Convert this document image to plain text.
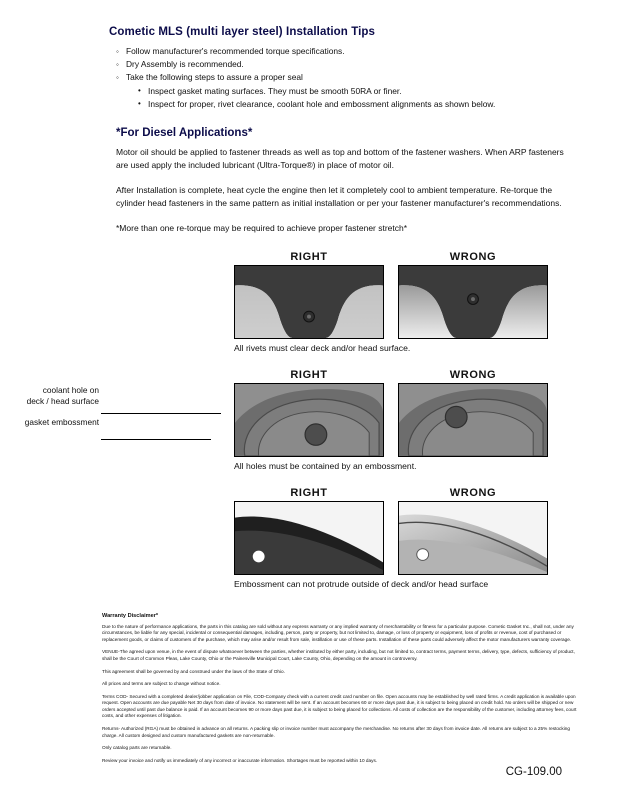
Cometic MLS (multi layer steel) Installation Tips
◦ Follow manufacturer's recommended torque specifications.
◦ Dry Assembly is recommended.
◦ Take the following steps to assure a proper seal
• Inspect gasket mating surfaces. They must be smooth 50RA or finer.
• Inspect for proper, rivet clearance, coolant hole and embossment alignments as shown below.
*For Diesel Applications*

Motor oil should be applied to fastener threads as well as top and bottom of the fastener washers. When ARP fasteners are used apply the included lubricant (Ultra-Torque®) in place of motor oil.

After Installation is complete, heat cycle the engine then let it completely cool to ambient temperature. Re-torque the cylinder head fasteners in the same pattern as initial installation or per your fastener manufacturer's recommendations.

*More than one re-torque may be required to achieve proper fastener stretch*

RIGHT	WRONG
All rivets must clear deck and/or head surface.
coolant hole on
deck / head surface
gasket embossment
RIGHT	WRONG
All holes must be contained by an embossment.
RIGHT	WRONG
Embossment can not protrude outside of deck and/or head surface
Warranty Disclaimer*

Due to the nature of performance applications, the parts in this catalog are sold without any express warranty or any implied warranty of merchantability or fitness for a particular purpose. Cometic Gasket Inc., shall not, under any circumstances, be liable for any special, incidental or consequential damages, including, person, party or property, but not limited to, damage, or loss of property or equipment, loss of profits or revenue, cost of purchased or replacement goods, or claims of customers of the purchase, which may arise and/or result from sale, instillation or use of these parts. Installation of these parts could adversely affect the motor manufacturers warranty coverage.

VENUE-The agreed upon venue, in the event of dispute whatsoever between the parties, whether instituted by either party, including, but not limited to, contract terms, payment terms, delivery, type, defects, sufficiency of product, shall be the Court of Common Pleas, Lake County, Ohio or the Painesville Municipal Court, Lake County, Ohio, depending on the amount in controversy.

This agreement shall be governed by and construed under the laws of the State of Ohio.

All prices and terms are subject to change without notice.

Terms COD- Secured with a completed dealer/jobber application on File, COD-Company check with a current credit card number on file. Open accounts may be established by well rated firms. A credit application is available upon request. Open accounts are due payable Net 30 days from date of invoice. No statement will be sent. If an account becomes 60 or more days past due, it is subject to being placed on credit hold. No orders will be shipped or new orders accepted until past due balance is paid. If an account becomes 90 or more days past due, it is subject to being placed for collections. All costs of collection are the responsibility of the customer, including attorney fees, court costs, and other expenses of litigation.

Returns- Authorized (RGA) must be obtained in advance on all returns. A packing slip or invoice number must accompany the merchandise. No returns after 30 days from invoice date. All returns are subject to a 25% restocking charge. All custom designed and custom manufactured gaskets are non-returnable.

Only catalog parts are returnable.

Review your invoice and notify us immediately of any incorrect or inaccurate information. Shortages must be reported within 10 days.

CG-109.00
